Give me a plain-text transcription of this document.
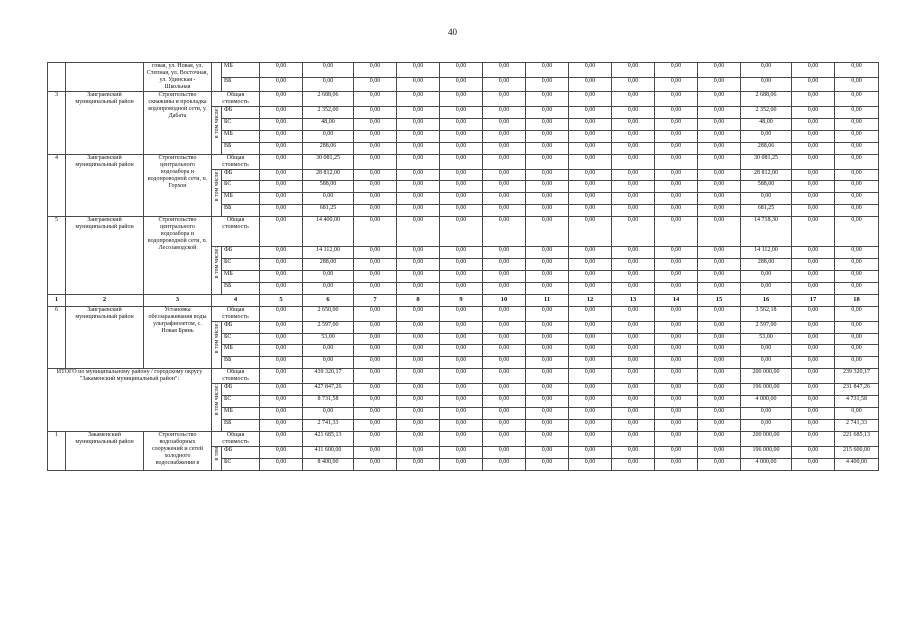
40
		говая, ул. Новая, ул. Степная, ул. Восточная, ул. Удинская - Школьная		МБ	0,00	0,00	0,00	0,00	0,00	0,00	0,00	0,00	0,00	0,00	0,00	0,00	0,00	0,00
				ВБ	0,00	0,00	0,00	0,00	0,00	0,00	0,00	0,00	0,00	0,00	0,00	0,00	0,00	0,00
3	Заиграевский муниципальный район	Строительство скважины и прокладка водопроводной сети, у. Дабата	Общая стоимость		0,00	2 688,06	0,00	0,00	0,00	0,00	0,00	0,00	0,00	0,00	0,00	2 688,06	0,00	0,00

			в том числе:	ФБ	0,00	2 352,00	0,00	0,00	0,00	0,00	0,00	0,00	0,00	0,00	0,00	2 352,00	0,00	0,00
				БС	0,00	48,00	0,00	0,00	0,00	0,00	0,00	0,00	0,00	0,00	0,00	48,00	0,00	0,00
				МБ	0,00	0,00	0,00	0,00	0,00	0,00	0,00	0,00	0,00	0,00	0,00	0,00	0,00	0,00
				ВБ	0,00	288,06	0,00	0,00	0,00	0,00	0,00	0,00	0,00	0,00	0,00	288,06	0,00	0,00
4	Заиграевский муниципальный район	Строительство центрального водозабора и водопроводной сети, п. Горхон	Общая стоимость		0,00	30 081,25	0,00	0,00	0,00	0,00	0,00	0,00	0,00	0,00	0,00	30 081,25	0,00	0,00

			в том числе:	ФБ	0,00	28 812,00	0,00	0,00	0,00	0,00	0,00	0,00	0,00	0,00	0,00	28 812,00	0,00	0,00
				БС	0,00	588,00	0,00	0,00	0,00	0,00	0,00	0,00	0,00	0,00	0,00	588,00	0,00	0,00
				МБ	0,00	0,00	0,00	0,00	0,00	0,00	0,00	0,00	0,00	0,00	0,00	0,00	0,00	0,00
				ВБ	0,00	681,25	0,00	0,00	0,00	0,00	0,00	0,00	0,00	0,00	0,00	681,25	0,00	0,00
5	Заиграевский муниципальный район	Строительство центрального водозабора и водопроводной сети, п. Лесозаводской	Общая стоимость		0,00	14 400,00	0,00	0,00	0,00	0,00	0,00	0,00	0,00	0,00	0,00	14 718,30	0,00	0,00

			в том числе:	ФБ	0,00	14 112,00	0,00	0,00	0,00	0,00	0,00	0,00	0,00	0,00	0,00	14 112,00	0,00	0,00
				БС	0,00	288,00	0,00	0,00	0,00	0,00	0,00	0,00	0,00	0,00	0,00	288,00	0,00	0,00
				МБ	0,00	0,00	0,00	0,00	0,00	0,00	0,00	0,00	0,00	0,00	0,00	0,00	0,00	0,00
				ВБ	0,00	0,00	0,00	0,00	0,00	0,00	0,00	0,00	0,00	0,00	0,00	0,00	0,00	0,00
1	2	3	4		5	6	7	8	9	10	11	12	13	14	15	16	17	18
6	Заиграевский муниципальный район	Установка обеззараживания воды ультрафиолетом, с. Новая Брянь	Общая стоимость		0,00	2 650,00	0,00	0,00	0,00	0,00	0,00	0,00	0,00	0,00	0,00	3 562,18	0,00	0,00

			в том числе:	ФБ	0,00	2 597,00	0,00	0,00	0,00	0,00	0,00	0,00	0,00	0,00	0,00	2 597,00	0,00	0,00
				БС	0,00	53,00	0,00	0,00	0,00	0,00	0,00	0,00	0,00	0,00	0,00	53,00	0,00	0,00
				МБ	0,00	0,00	0,00	0,00	0,00	0,00	0,00	0,00	0,00	0,00	0,00	0,00	0,00	0,00
				ВБ	0,00	0,00	0,00	0,00	0,00	0,00	0,00	0,00	0,00	0,00	0,00	0,00	0,00	0,00
ИТОГО по муниципальному району / городскому округу "Закаменский муниципальный район":			Общая стоимость		0,00	439 320,17	0,00	0,00	0,00	0,00	0,00	0,00	0,00	0,00	0,00	200 000,00	0,00	239 320,17

			в том числе:	ФБ	0,00	427 847,26	0,00	0,00	0,00	0,00	0,00	0,00	0,00	0,00	0,00	196 000,00	0,00	231 847,26
				БС	0,00	8 731,58	0,00	0,00	0,00	0,00	0,00	0,00	0,00	0,00	0,00	4 000,00	0,00	4 731,58
				МБ	0,00	0,00	0,00	0,00	0,00	0,00	0,00	0,00	0,00	0,00	0,00	0,00	0,00	0,00
				ВБ	0,00	2 741,33	0,00	0,00	0,00	0,00	0,00	0,00	0,00	0,00	0,00	0,00	0,00	2 741,33
1	Закаменский муниципальный район	Строительство водозаборных сооружений и сетей холодного водоснабжения в	Общая стоимость		0,00	421 685,13	0,00	0,00	0,00	0,00	0,00	0,00	0,00	0,00	0,00	200 000,00	0,00	221 685,13

			в том	ФБ	0,00	411 600,00	0,00	0,00	0,00	0,00	0,00	0,00	0,00	0,00	0,00	196 000,00	0,00	215 600,00
				БС	0,00	8 400,00	0,00	0,00	0,00	0,00	0,00	0,00	0,00	0,00	0,00	4 000,00	0,00	4 400,00
